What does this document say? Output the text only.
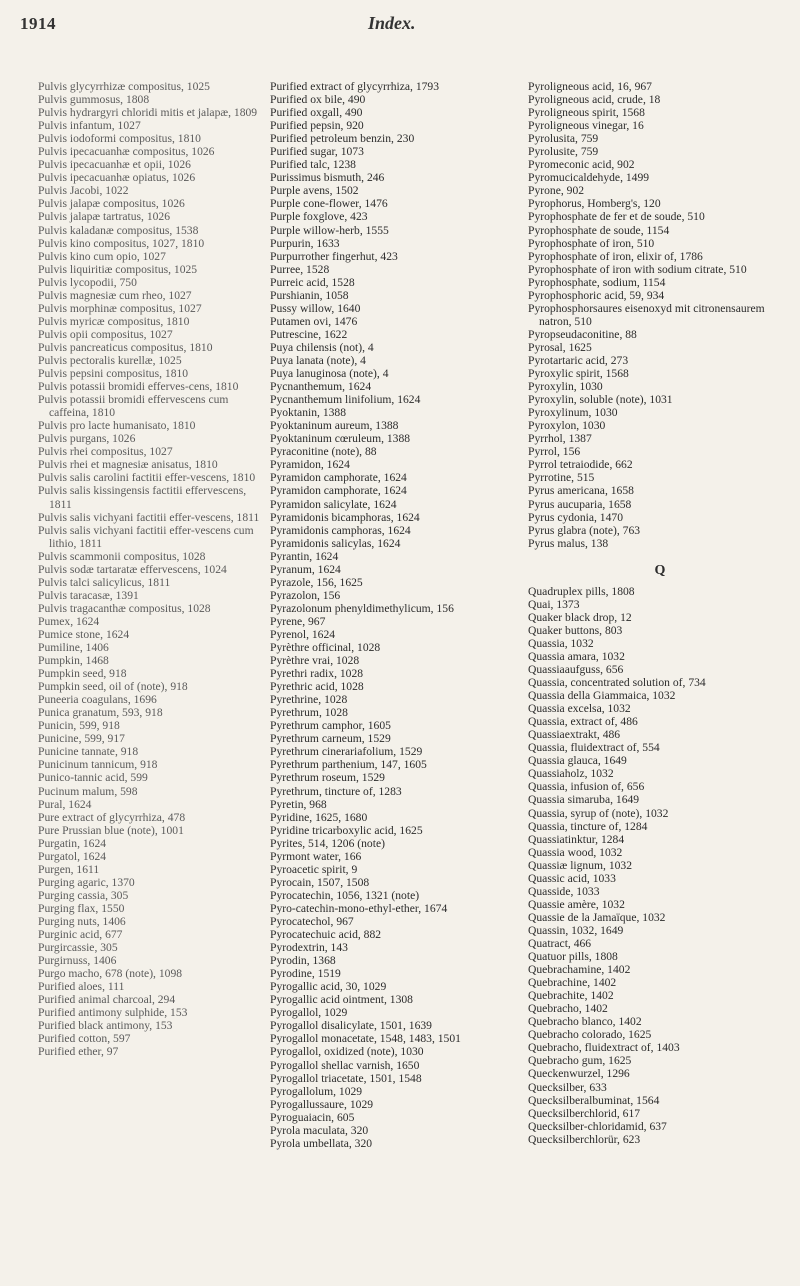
1914	Index.
Pulvis glycyrrhizæ compositus, 1025
Pulvis gummosus, 1808
Pulvis hydrargyri chloridi mitis et jalapæ, 1809
Pulvis infantum, 1027
Pulvis iodoformi compositus, 1810
Pulvis ipecacuanhæ compositus, 1026
Pulvis ipecacuanhæ et opii, 1026
Pulvis ipecacuanhæ opiatus, 1026
Pulvis Jacobi, 1022
Pulvis jalapæ compositus, 1026
Pulvis jalapæ tartratus, 1026
Pulvis kaladanæ compositus, 1538
Pulvis kino compositus, 1027, 1810
Pulvis kino cum opio, 1027
Pulvis liquiritiæ compositus, 1025
Pulvis lycopodii, 750
Pulvis magnesiæ cum rheo, 1027
Pulvis morphinæ compositus, 1027
Pulvis myricæ compositus, 1810
Pulvis opii compositus, 1027
Pulvis pancreaticus compositus, 1810
Pulvis pectoralis kurellæ, 1025
Pulvis pepsini compositus, 1810
Pulvis potassii bromidi efferves-cens, 1810
Pulvis potassii bromidi effervescens cum caffeina, 1810
Pulvis pro lacte humanisato, 1810
Pulvis purgans, 1026
Pulvis rhei compositus, 1027
Pulvis rhei et magnesiæ anisatus, 1810
Pulvis salis carolini factitii effer-vescens, 1810
Pulvis salis kissingensis factitii effervescens, 1811
Pulvis salis vichyani factitii effer-vescens, 1811
Pulvis salis vichyani factitii effer-vescens cum lithio, 1811
Pulvis scammonii compositus, 1028
Pulvis sodæ tartaratæ effervescens, 1024
Pulvis talci salicylicus, 1811
Pulvis taracasæ, 1391
Pulvis tragacanthæ compositus, 1028
Pumex, 1624
Pumice stone, 1624
Pumiline, 1406
Pumpkin, 1468
Pumpkin seed, 918
Pumpkin seed, oil of (note), 918
Puneeria coagulans, 1696
Punica granatum, 593, 918
Punicin, 599, 918
Punicine, 599, 917
Punicine tannate, 918
Punicinum tannicum, 918
Punico-tannic acid, 599
Pucinum malum, 598
Pural, 1624
Pure extract of glycyrrhiza, 478
Pure Prussian blue (note), 1001
Purgatin, 1624
Purgatol, 1624
Purgen, 1611
Purging agaric, 1370
Purging cassia, 305
Purging flax, 1550
Purging nuts, 1406
Purginic acid, 677
Purgircassie, 305
Purgirnuss, 1406
Purgo macho, 678 (note), 1098
Purified aloes, 111
Purified animal charcoal, 294
Purified antimony sulphide, 153
Purified black antimony, 153
Purified cotton, 597
Purified ether, 97
Purified extract of glycyrrhiza, 1793
Purified ox bile, 490
Purified oxgall, 490
Purified pepsin, 920
Purified petroleum benzin, 230
Purified sugar, 1073
Purified talc, 1238
Purissimus bismuth, 246
Purple avens, 1502
Purple cone-flower, 1476
Purple foxglove, 423
Purple willow-herb, 1555
Purpurin, 1633
Purpurrother fingerhut, 423
Purree, 1528
Purreic acid, 1528
Purshianin, 1058
Pussy willow, 1640
Putamen ovi, 1476
Putrescine, 1622
Puya chilensis (not), 4
Puya lanata (note), 4
Puya lanuginosa (note), 4
Pycnanthemum, 1624
Pycnanthemum linifolium, 1624
Pyoktanin, 1388
Pyoktaninum aureum, 1388
Pyoktaninum cœruleum, 1388
Pyraconitine (note), 88
Pyramidon, 1624
Pyramidon camphorate, 1624
Pyramidon camphorate, 1624
Pyramidon salicylate, 1624
Pyramidonis bicamphoras, 1624
Pyramidonis camphoras, 1624
Pyramidonis salicylas, 1624
Pyrantin, 1624
Pyranum, 1624
Pyrazole, 156, 1625
Pyrazolon, 156
Pyrazolonum phenyldimethylicum, 156
Pyrene, 967
Pyrenol, 1624
Pyrèthre officinal, 1028
Pyrèthre vrai, 1028
Pyrethri radix, 1028
Pyrethric acid, 1028
Pyrethrine, 1028
Pyrethrum, 1028
Pyrethrum camphor, 1605
Pyrethrum carneum, 1529
Pyrethrum cinerariafolium, 1529
Pyrethrum parthenium, 147, 1605
Pyrethrum roseum, 1529
Pyrethrum, tincture of, 1283
Pyretin, 968
Pyridine, 1625, 1680
Pyridine tricarboxylic acid, 1625
Pyrites, 514, 1206 (note)
Pyrmont water, 166
Pyroacetic spirit, 9
Pyrocain, 1507, 1508
Pyrocatechin, 1056, 1321 (note)
Pyro-catechin-mono-ethyl-ether, 1674
Pyrocatechol, 967
Pyrocatechuic acid, 882
Pyrodextrin, 143
Pyrodin, 1368
Pyrodine, 1519
Pyrogallic acid, 30, 1029
Pyrogallic acid ointment, 1308
Pyrogallol, 1029
Pyrogallol disalicylate, 1501, 1639
Pyrogallol monacetate, 1548, 1483, 1501
Pyrogallol, oxidized (note), 1030
Pyrogallol shellac varnish, 1650
Pyrogallol triacetate, 1501, 1548
Pyrogallolum, 1029
Pyrogallussaure, 1029
Pyroguaiacin, 605
Pyrola maculata, 320
Pyrola umbellata, 320
Pyroligneous acid, 16, 967
Pyroligneous acid, crude, 18
Pyroligneous spirit, 1568
Pyroligneous vinegar, 16
Pyrolusita, 759
Pyrolusite, 759
Pyromeconic acid, 902
Pyromucicaldehyde, 1499
Pyrone, 902
Pyrophorus, Homberg's, 120
Pyrophosphate de fer et de soude, 510
Pyrophosphate de soude, 1154
Pyrophosphate of iron, 510
Pyrophosphate of iron, elixir of, 1786
Pyrophosphate of iron with sodium citrate, 510
Pyrophosphate, sodium, 1154
Pyrophosphoric acid, 59, 934
Pyrophosphorsaures eisenoxyd mit citronensaurem natron, 510
Pyropseudaconitine, 88
Pyrosal, 1625
Pyrotartaric acid, 273
Pyroxylic spirit, 1568
Pyroxylin, 1030
Pyroxylin, soluble (note), 1031
Pyroxylinum, 1030
Pyroxylon, 1030
Pyrrhol, 1387
Pyrrol, 156
Pyrrol tetraiodide, 662
Pyrrotine, 515
Pyrus americana, 1658
Pyrus aucuparia, 1658
Pyrus cydonia, 1470
Pyrus glabra (note), 763
Pyrus malus, 138
Q
Quadruplex pills, 1808
Quai, 1373
Quaker black drop, 12
Quaker buttons, 803
Quassia, 1032
Quassia amara, 1032
Quassiaaufguss, 656
Quassia, concentrated solution of, 734
Quassia della Giammaica, 1032
Quassia excelsa, 1032
Quassia, extract of, 486
Quassiaextrakt, 486
Quassia, fluidextract of, 554
Quassia glauca, 1649
Quassiaholz, 1032
Quassia, infusion of, 656
Quassia simaruba, 1649
Quassia, syrup of (note), 1032
Quassia, tincture of, 1284
Quassiatinktur, 1284
Quassia wood, 1032
Quassiæ lignum, 1032
Quassic acid, 1033
Quasside, 1033
Quassie amère, 1032
Quassie de la Jamaïque, 1032
Quassin, 1032, 1649
Quatract, 466
Quatuor pills, 1808
Quebrachamine, 1402
Quebrachine, 1402
Quebrachite, 1402
Quebracho, 1402
Quebracho blanco, 1402
Quebracho colorado, 1625
Quebracho, fluidextract of, 1403
Quebracho gum, 1625
Queckenwurzel, 1296
Quecksilber, 633
Quecksilberalbuminat, 1564
Quecksilberchlorid, 617
Quecksilber-chloridamid, 637
Quecksilberchlorür, 623
